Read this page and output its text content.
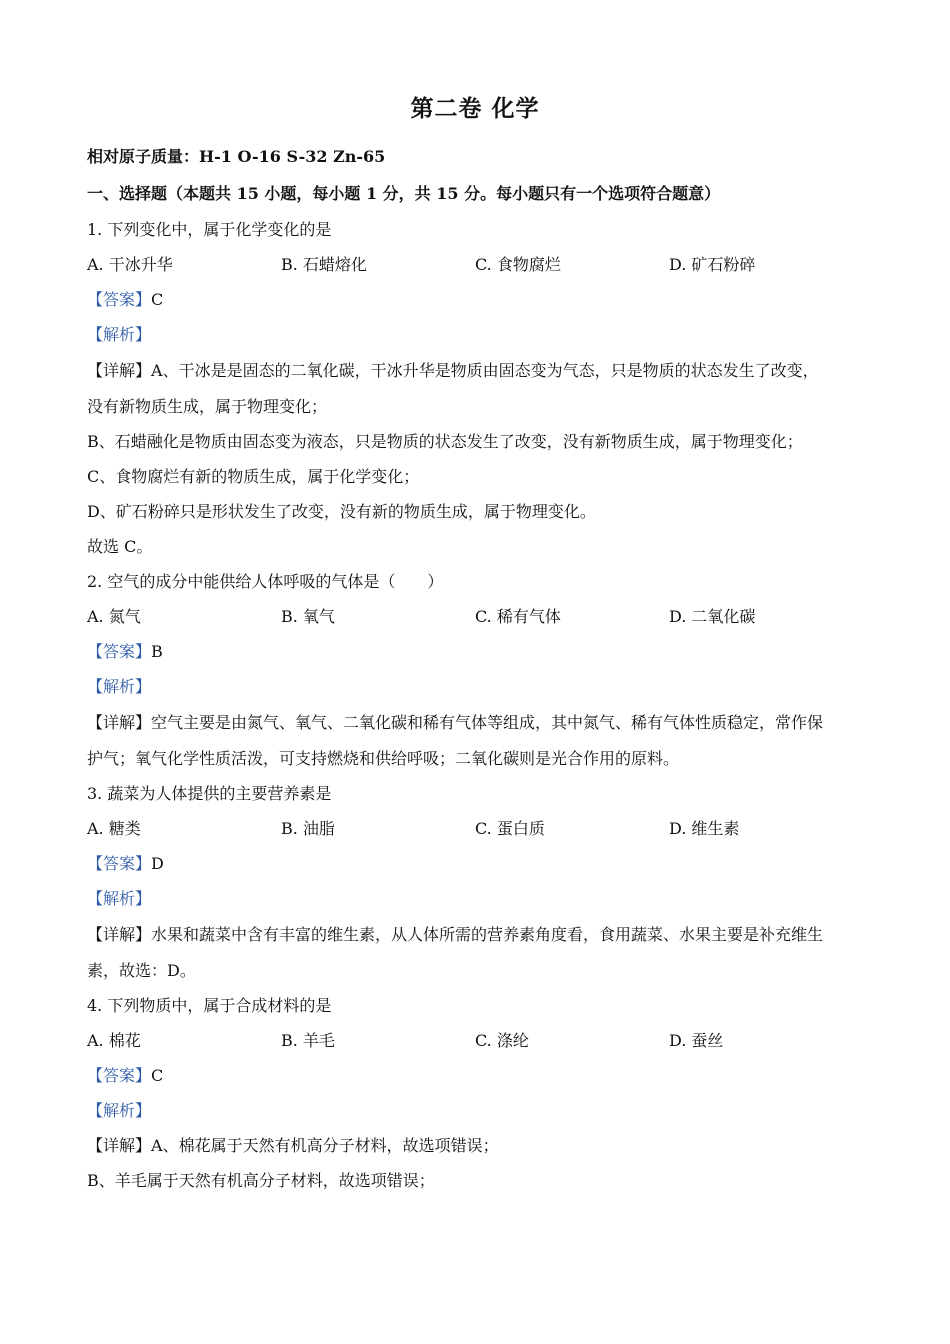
第二卷 化学
相对原子质量：H-1 O-16 S-32 Zn-65
一、选择题（本题共 15 小题，每小题 1 分，共 15 分。每小题只有一个选项符合题意）
1. 下列变化中，属于化学变化的是
A. 干冰升华	B. 石蜡熔化	C. 食物腐烂	D. 矿石粉碎
【答案】C
【解析】
【详解】A、干冰是是固态的二氧化碳，干冰升华是物质由固态变为气态，只是物质的状态发生了改变，
没有新物质生成，属于物理变化；
B、石蜡融化是物质由固态变为液态，只是物质的状态发生了改变，没有新物质生成，属于物理变化；
C、食物腐烂有新的物质生成，属于化学变化；
D、矿石粉碎只是形状发生了改变，没有新的物质生成，属于物理变化。
故选 C。
2. 空气的成分中能供给人体呼吸的气体是（　　）
A. 氮气	B. 氧气	C. 稀有气体	D. 二氧化碳
【答案】B
【解析】
【详解】空气主要是由氮气、氧气、二氧化碳和稀有气体等组成，其中氮气、稀有气体性质稳定，常作保
护气；氧气化学性质活泼，可支持燃烧和供给呼吸；二氧化碳则是光合作用的原料。
3. 蔬菜为人体提供的主要营养素是
A. 糖类	B. 油脂	C. 蛋白质	D. 维生素
【答案】D
【解析】
【详解】水果和蔬菜中含有丰富的维生素，从人体所需的营养素角度看，食用蔬菜、水果主要是补充维生
素，故选：D。
4. 下列物质中，属于合成材料的是
A. 棉花	B. 羊毛	C. 涤纶	D. 蚕丝
【答案】C
【解析】
【详解】A、棉花属于天然有机高分子材料，故选项错误；
B、羊毛属于天然有机高分子材料，故选项错误；
